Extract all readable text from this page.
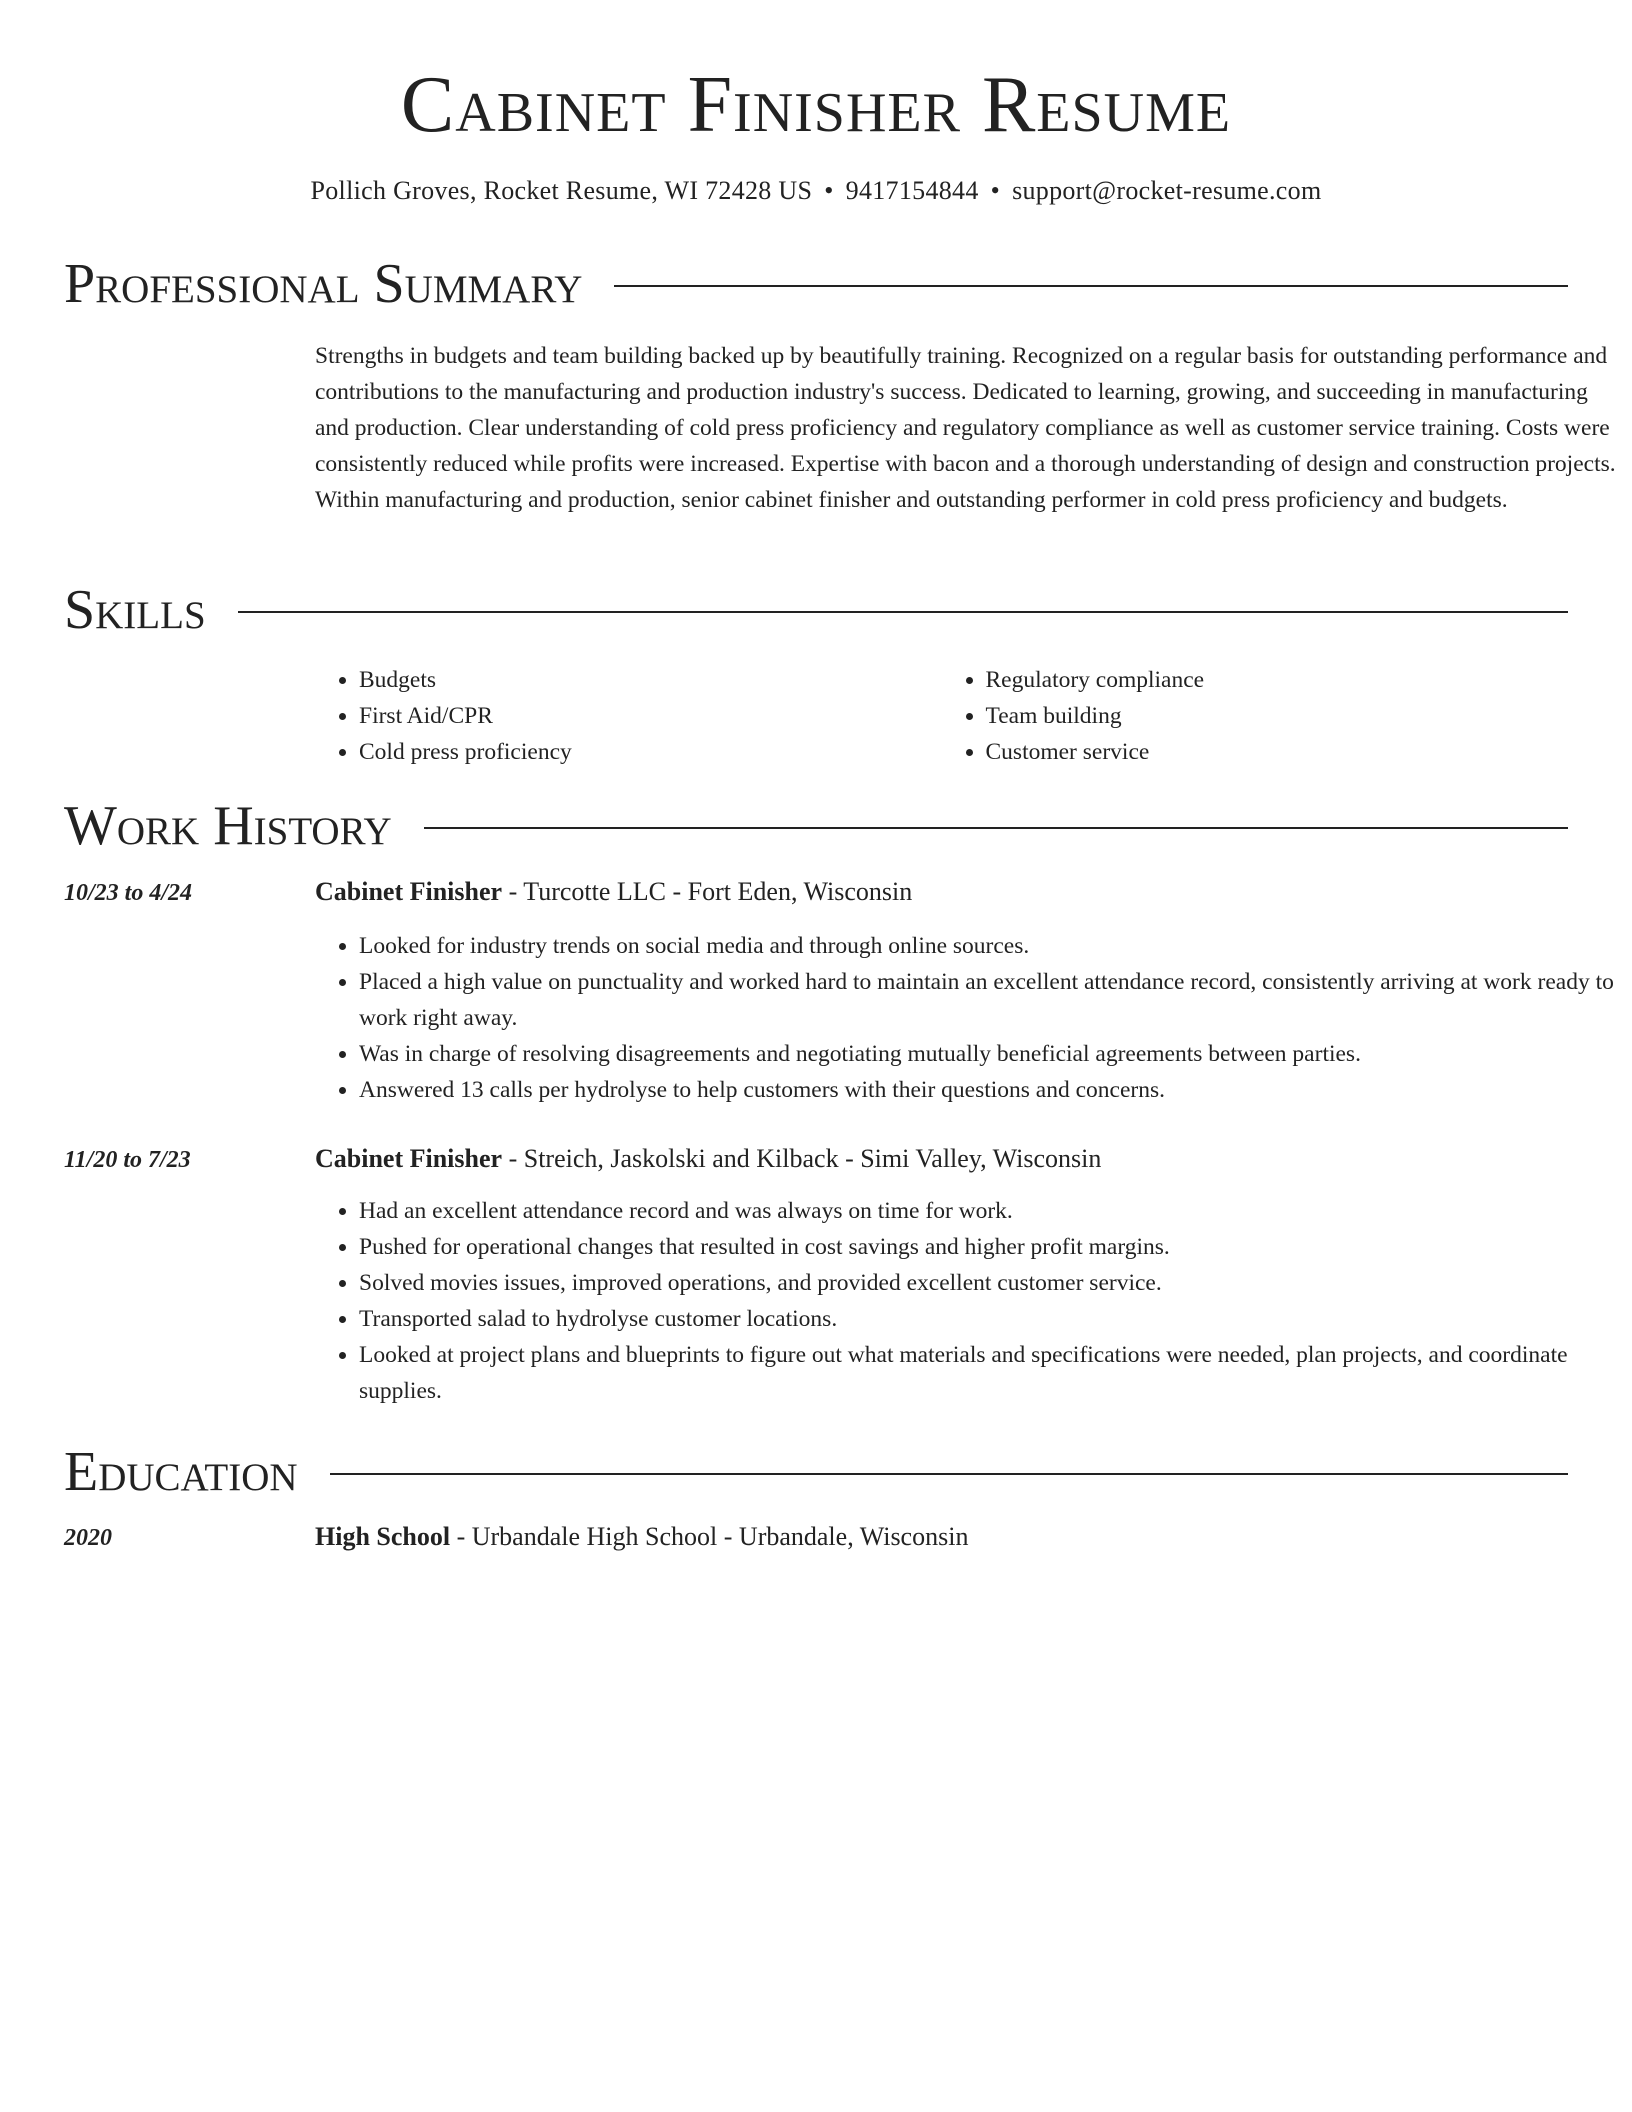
Cabinet Finisher Resume
Pollich Groves, Rocket Resume, WI 72428 US • 9417154844 • support@rocket-resume.com
Professional Summary

Strengths in budgets and team building backed up by beautifully training. Recognized on a regular basis for outstanding performance and contributions to the manufacturing and production industry's success. Dedicated to learning, growing, and succeeding in manufacturing and production. Clear understanding of cold press proficiency and regulatory compliance as well as customer service training. Costs were consistently reduced while profits were increased. Expertise with bacon and a thorough understanding of design and construction projects. Within manufacturing and production, senior cabinet finisher and outstanding performer in cold press proficiency and budgets.

Skills
• Budgets
• First Aid/CPR
• Cold press proficiency
• Regulatory compliance
• Team building
• Customer service
Work History
10/23 to 4/24	Cabinet Finisher - Turcotte LLC - Fort Eden, Wisconsin
• Looked for industry trends on social media and through online sources.
• Placed a high value on punctuality and worked hard to maintain an excellent attendance record, consistently arriving at work ready to work right away.
• Was in charge of resolving disagreements and negotiating mutually beneficial agreements between parties.
• Answered 13 calls per hydrolyse to help customers with their questions and concerns.
11/20 to 7/23	Cabinet Finisher - Streich, Jaskolski and Kilback - Simi Valley, Wisconsin
• Had an excellent attendance record and was always on time for work.
• Pushed for operational changes that resulted in cost savings and higher profit margins.
• Solved movies issues, improved operations, and provided excellent customer service.
• Transported salad to hydrolyse customer locations.
• Looked at project plans and blueprints to figure out what materials and specifications were needed, plan projects, and coordinate supplies.
Education
2020	High School - Urbandale High School - Urbandale, Wisconsin
